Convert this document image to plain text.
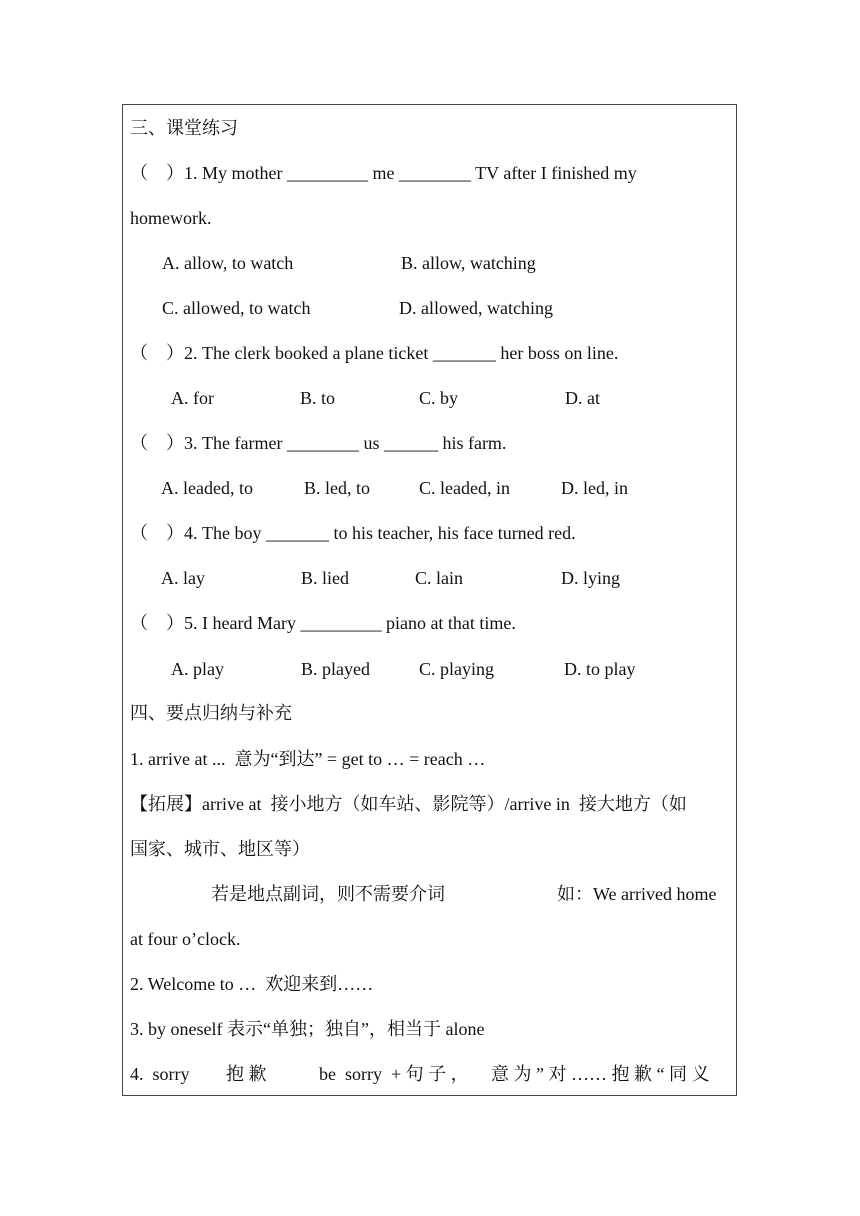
三、课堂练习
（　）1. My mother _________ me ________ TV after I finished my
homework.
A. allow, to watch	B. allow, watching
C. allowed, to watch	D. allowed, watching
（　）2. The clerk booked a plane ticket _______ her boss on line.
A. for	B. to	C. by	D. at
（　）3. The farmer ________ us ______ his farm.
A. leaded, to	B. led, to	C. leaded, in	D. led, in
（　）4. The boy _______ to his teacher, his face turned red.
A. lay	B. lied	C. lain	D. lying
（　）5. I heard Mary _________ piano at that time.
A. play	B. played	C. playing	D. to play
四、要点归纳与补充
1. arrive at ...  意为“到达” = get to … = reach …
【拓展】arrive at  接小地方（如车站、影院等）/arrive in  接大地方（如
国家、城市、地区等）
若是地点副词，则不需要介词	如：We arrived home
at four o’clock.
2. Welcome to …  欢迎来到……
3. by oneself 表示“单独；独自”，相当于 alone
4.  sorry 抱 歉	be  sorry  + 句 子 ， 意 为 ” 对 …… 抱 歉 “ 同 义
